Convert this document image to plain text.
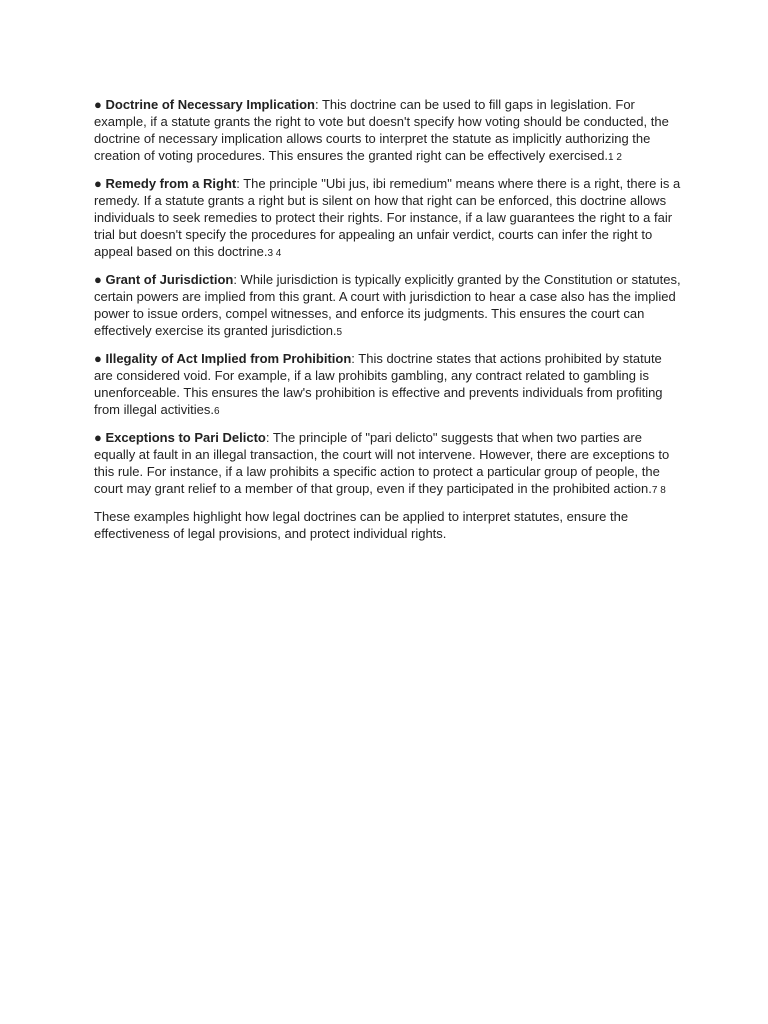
● Doctrine of Necessary Implication: This doctrine can be used to fill gaps in legislation. For example, if a statute grants the right to vote but doesn't specify how voting should be conducted, the doctrine of necessary implication allows courts to interpret the statute as implicitly authorizing the creation of voting procedures. This ensures the granted right can be effectively exercised.1 2

● Remedy from a Right: The principle "Ubi jus, ibi remedium" means where there is a right, there is a remedy. If a statute grants a right but is silent on how that right can be enforced, this doctrine allows individuals to seek remedies to protect their rights. For instance, if a law guarantees the right to a fair trial but doesn't specify the procedures for appealing an unfair verdict, courts can infer the right to appeal based on this doctrine.3 4

● Grant of Jurisdiction: While jurisdiction is typically explicitly granted by the Constitution or statutes, certain powers are implied from this grant. A court with jurisdiction to hear a case also has the implied power to issue orders, compel witnesses, and enforce its judgments. This ensures the court can effectively exercise its granted jurisdiction.5

● Illegality of Act Implied from Prohibition: This doctrine states that actions prohibited by statute are considered void. For example, if a law prohibits gambling, any contract related to gambling is unenforceable. This ensures the law's prohibition is effective and prevents individuals from profiting from illegal activities.6

● Exceptions to Pari Delicto: The principle of "pari delicto" suggests that when two parties are equally at fault in an illegal transaction, the court will not intervene. However, there are exceptions to this rule. For instance, if a law prohibits a specific action to protect a particular group of people, the court may grant relief to a member of that group, even if they participated in the prohibited action.7 8

These examples highlight how legal doctrines can be applied to interpret statutes, ensure the effectiveness of legal provisions, and protect individual rights.
